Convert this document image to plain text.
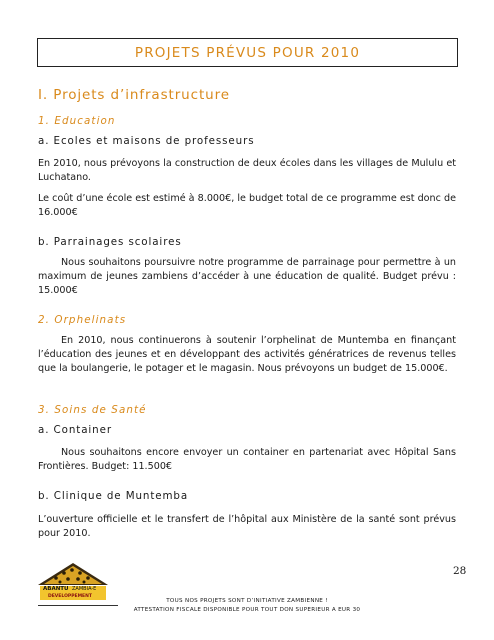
PROJETS PRÉVUS POUR 2010
I. Projets d’infrastructure
1. Education
a. Ecoles et maisons de professeurs
En 2010, nous prévoyons la construction de deux écoles dans les villages de Mululu et Luchatano.
Le coût d’une école est estimé à 8.000€, le budget total de ce programme est donc de 16.000€
b. Parrainages scolaires
Nous souhaitons poursuivre notre programme de parrainage pour permettre à un maximum de jeunes zambiens d’accéder à une éducation de qualité. Budget prévu : 15.000€
2. Orphelinats
En 2010, nous continuerons à soutenir l’orphelinat de Muntemba en finançant l’éducation des jeunes et en développant des activités génératrices de revenus telles que la boulangerie, le potager et le magasin. Nous prévoyons un budget de 15.000€.
3. Soins de Santé
a. Container
Nous souhaitons encore envoyer un container en partenariat avec Hôpital Sans Frontières. Budget: 11.500€
b. Clinique de Muntemba
L’ouverture officielle et le transfert de l’hôpital aux Ministère de la santé sont prévus pour 2010.
28
ABANTU ZAMBIA-E
DEVELOPPEMENT
TOUS NOS PROJETS SONT D’INITIATIVE ZAMBIENNE !
ATTESTATION FISCALE DISPONIBLE POUR TOUT DON SUPERIEUR A EUR 30
